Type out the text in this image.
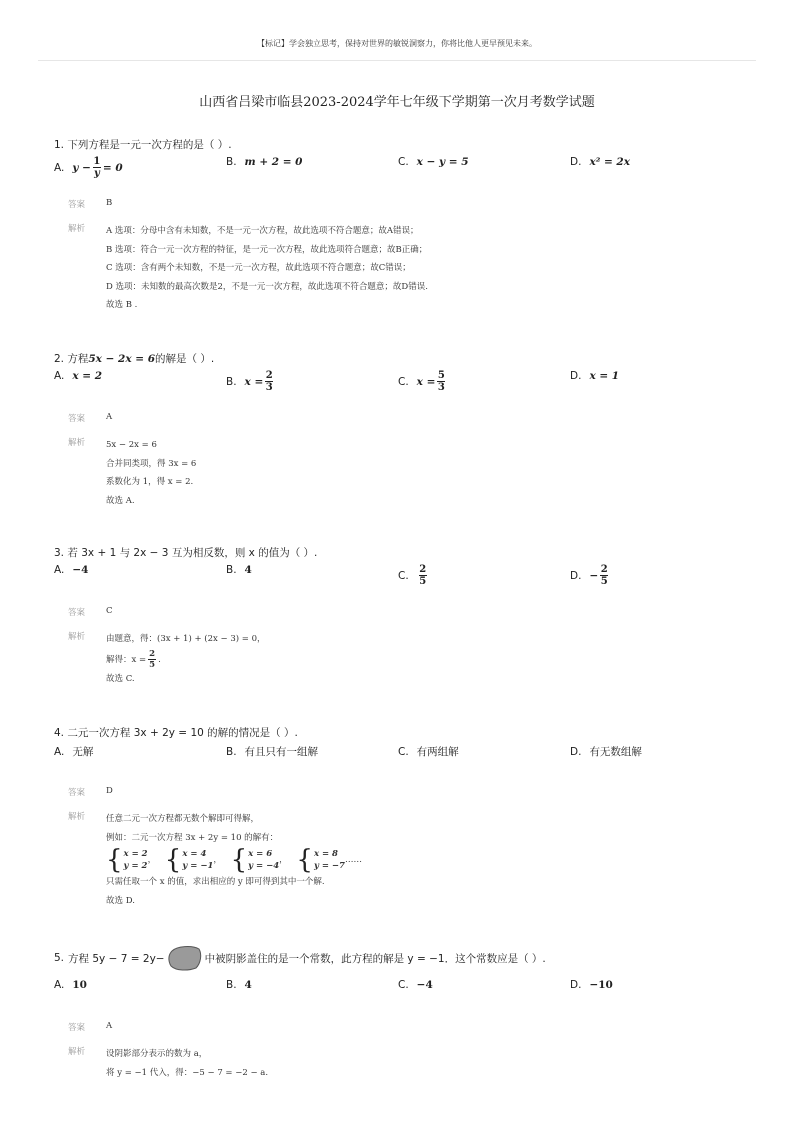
【标记】学会独立思考，保持对世界的敏锐洞察力，你将比他人更早预见未来。
山西省吕梁市临县2023-2024学年七年级下学期第一次月考数学试题
1. 下列方程是一元一次方程的是（ ）.
A. $y - \frac{1}{y} = 0$	B. m + 2 = 0	C. x − y = 5	D. x² = 2x
答案	B
解析	A 选项：分母中含有未知数，不是一元一次方程，故此选项不符合题意；故A错误；
B 选项：符合一元一次方程的特征，是一元一次方程，故此选项符合题意；故B正确；
C 选项：含有两个未知数，不是一元一次方程，故此选项不符合题意；故C错误；
D 选项：未知数的最高次数是2，不是一元一次方程，故此选项不符合题意；故D错误.
故选 B .
2. 方程5x − 2x = 6的解是（ ）.
A. x = 2	B. $x = \frac{2}{3}$	C. $x = \frac{5}{3}$	D. x = 1
答案	A
解析	5x − 2x = 6
合并同类项，得 3x = 6
系数化为 1，得 x = 2.
故选 A.
3. 若 3x + 1 与 2x − 3 互为相反数，则 x 的值为（ ）.
A. −4	B. 4	C. $\frac{2}{5}$	D. − $\frac{2}{5}$
答案	C
解析	由题意，得：(3x + 1) + (2x − 3) = 0，
解得：$x = \frac{2}{5}$ .
故选 C.
4. 二元一次方程 3x + 2y = 10 的解的情况是（ ）.
A. 无解	B. 有且只有一组解	C. 有两组解	D. 有无数组解
答案	D
解析	任意二元一次方程都无数个解即可得解，
例如：二元一次方程 3x + 2y = 10 的解有：
{ x = 2
y = 2
，
{ x = 4
y = −1
，
{ x = 6
y = −4
，
{ x = 8
y = −7
……
只需任取一个 x 的值，求出相应的 y 即可得到其中一个解.
故选 D.
5. 方程 5y − 7 = 2y−	中被阴影盖住的是一个常数，此方程的解是 y = −1．这个常数应是（ ）.
A. 10	B. 4	C. −4	D. −10
答案	A
解析	设阴影部分表示的数为 a，
将 y = −1 代入，得：−5 − 7 = −2 − a.
